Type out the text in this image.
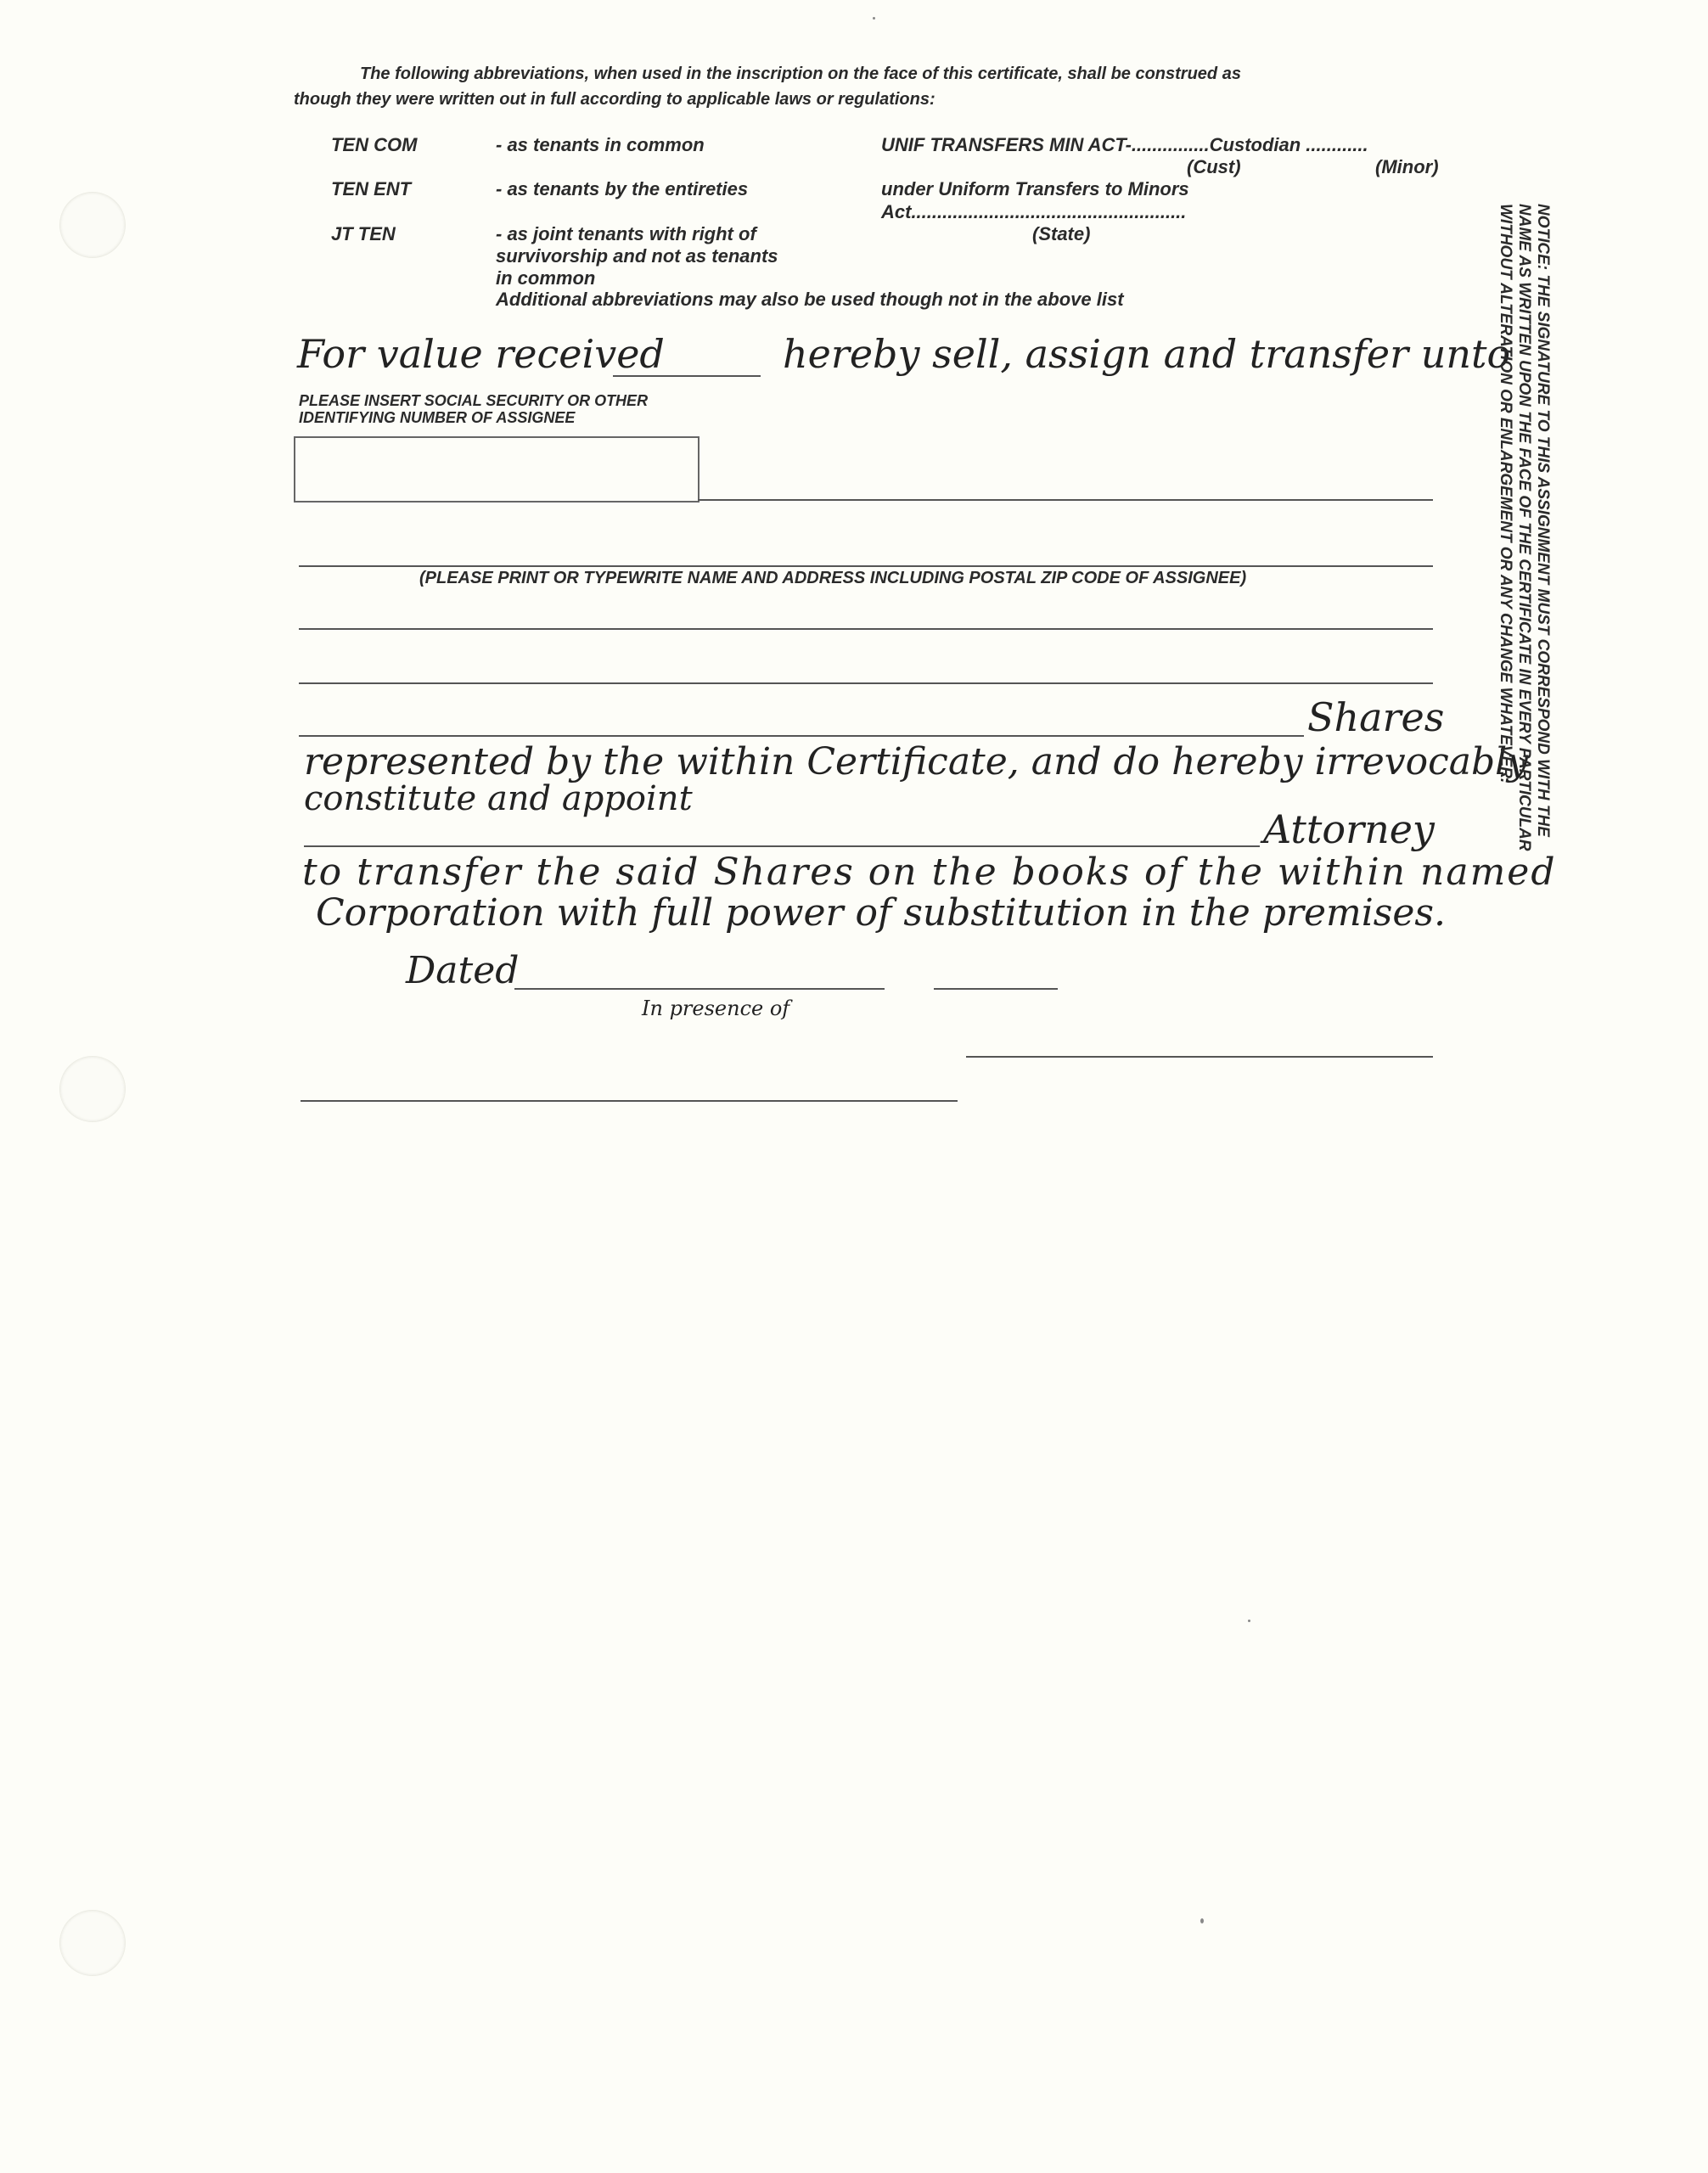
The following abbreviations, when used in the inscription on the face of this certificate, shall be construed as
though they were written out in full according to applicable laws or regulations:
TEN COM	- as tenants in common
TEN ENT	- as tenants by the entireties
JT TEN	- as joint tenants with right of
survivorship and not as tenants
in common
Additional abbreviations may also be used though not in the above list
UNIF TRANSFERS MIN ACT-...............Custodian ............
(Cust)	(Minor)
under Uniform Transfers to Minors
Act.....................................................
(State)
For value received	hereby sell, assign and transfer unto
PLEASE INSERT SOCIAL SECURITY OR OTHER
IDENTIFYING NUMBER OF ASSIGNEE
(PLEASE PRINT OR TYPEWRITE NAME AND ADDRESS INCLUDING POSTAL ZIP CODE OF ASSIGNEE)
Shares
represented by the within Certificate, and do hereby irrevocably
constitute and appoint
Attorney
to transfer the said Shares on the books of the within named
Corporation with full power of substitution in the premises.
Dated
In presence of
NOTICE: THE SIGNATURE TO THIS ASSIGNMENT MUST CORRESPOND WITH THE
NAME AS WRITTEN UPON THE FACE OF THE CERTIFICATE IN EVERY PARTICULAR
WITHOUT ALTERATION OR ENLARGEMENT OR ANY CHANGE WHATEVER.
